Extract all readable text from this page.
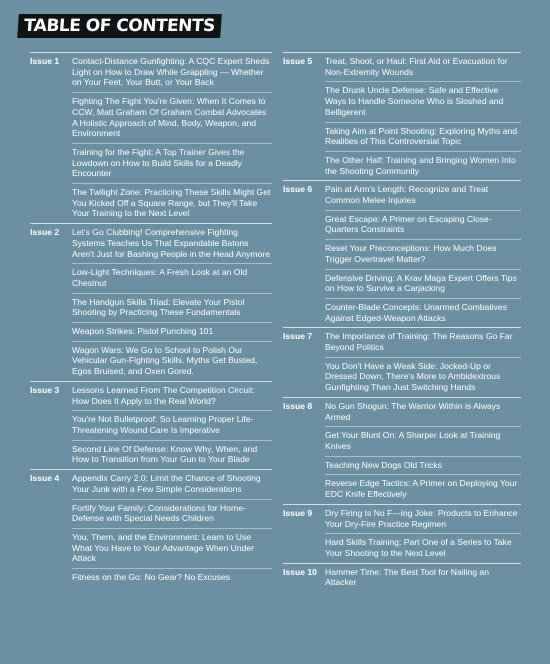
TABLE OF CONTENTS
Issue 1	Contact-Distance Gunfighting: A CQC Expert Sheds Light on How to Draw While Grappling — Whether on Your Feet, Your Butt, or Your Back
Fighting The Fight You're Given: When It Comes to CCW, Matt Graham Of Graham Combat Advocates A Holistic Approach of Mind, Body, Weapon, and Environment
Training for the Fight: A Top Trainer Gives the Lowdown on How to Build Skills for a Deadly Encounter
The Twilight Zone: Practicing These Skills Might Get You Kicked Off a Square Range, but They'll Take Your Training to the Next Level
Issue 2	Let's Go Clubbing! Comprehensive Fighting Systems Teaches Us That Expandable Batons Aren't Just for Bashing People in the Head Anymore
Low-Light Techniques: A Fresh Look at an Old Chestnut
The Handgun Skills Triad: Elevate Your Pistol Shooting by Practicing These Fundamentals
Weapon Strikes: Pistol Punching 101
Wagon Wars: We Go to School to Polish Our Vehicular Gun-Fighting Skills. Myths Get Busted, Egos Bruised, and Oxen Gored.
Issue 3	Lessons Learned From The Competition Circuit: How Does It Apply to the Real World?
You're Not Bulletproof: So Learning Proper Life-Threatening Wound Care Is Imperative
Second Line Of Defense: Know Why, When, and How to Transition from Your Gun to Your Blade
Issue 4	Appendix Carry 2.0: Limit the Chance of Shooting Your Junk with a Few Simple Considerations
Fortify Your Family: Considerations for Home-Defense with Special Needs Children
You, Them, and the Environment: Learn to Use What You Have to Your Advantage When Under Attack
Fitness on the Go: No Gear? No Excuses
Issue 5	Treat, Shoot, or Haul: First Aid or Evacuation for Non-Extremity Wounds
The Drunk Uncle Defense: Safe and Effective Ways to Handle Someone Who is Sloshed and Belligerent
Taking Aim at Point Shooting: Exploring Myths and Realities of This Controversial Topic
The Other Half: Training and Bringing Women Into the Shooting Community
Issue 6	Pain at Arm's Length: Recognize and Treat Common Melee Injuries
Great Escape: A Primer on Escaping Close-Quarters Constraints
Reset Your Preconceptions: How Much Does Trigger Overtravel Matter?
Defensive Driving: A Krav Maga Expert Offers Tips on How to Survive a Carjacking
Counter-Blade Concepts: Unarmed Combatives Against Edged-Weapon Attacks
Issue 7	The Importance of Training: The Reasons Go Far Beyond Politics
You Don't Have a Weak Side: Jocked-Up or Dressed Down, There's More to Ambidextrous Gunfighting Than Just Switching Hands
Issue 8	No Gun Shogun: The Warrior Within is Always Armed
Get Your Blunt On: A Sharper Look at Training Knives
Teaching New Dogs Old Tricks
Reverse Edge Tactics: A Primer on Deploying Your EDC Knife Effectively
Issue 9	Dry Firing Is No F---ing Joke: Products to Enhance Your Dry-Fire Practice Regimen
Hard Skills Training: Part One of a Series to Take Your Shooting to the Next Level
Issue 10 Hammer Time: The Best Tool for Nailing an Attacker
